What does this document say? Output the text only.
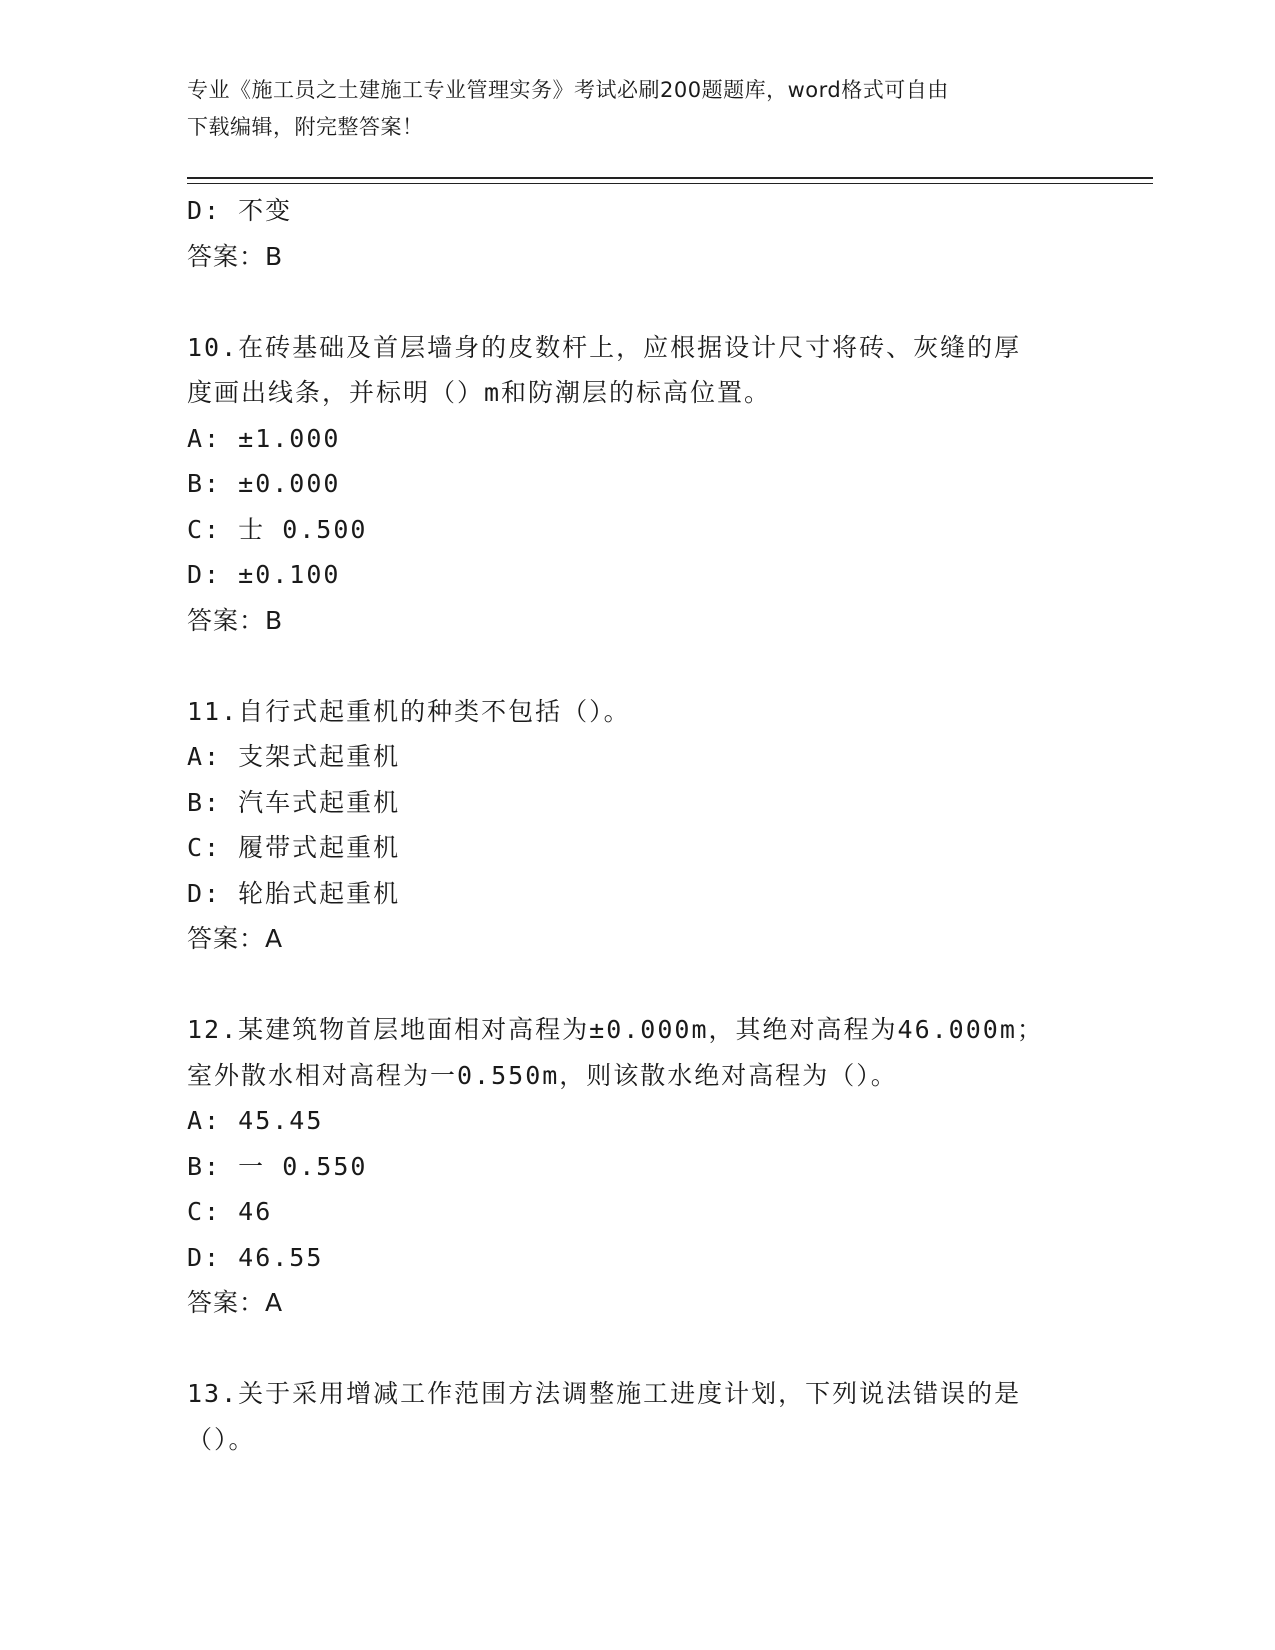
专业《施工员之土建施工专业管理实务》考试必刷200题题库，word格式可自由
下载编辑，附完整答案！
D: 不变
答案：B
10.在砖基础及首层墙身的皮数杆上，应根据设计尺寸将砖、灰缝的厚
度画出线条，并标明（）m和防潮层的标高位置。
A: ±1.000
B: ±0.000
C: 士 0.500
D: ±0.100
答案：B
11.自行式起重机的种类不包括（）。
A: 支架式起重机
B: 汽车式起重机
C: 履带式起重机
D: 轮胎式起重机
答案：A
12.某建筑物首层地面相对高程为±0.000m，其绝对高程为46.000m；
室外散水相对高程为一0.550m，则该散水绝对高程为（）。
A: 45.45
B: 一 0.550
C: 46
D: 46.55
答案：A
13.关于采用增减工作范围方法调整施工进度计划，下列说法错误的是
（）。
